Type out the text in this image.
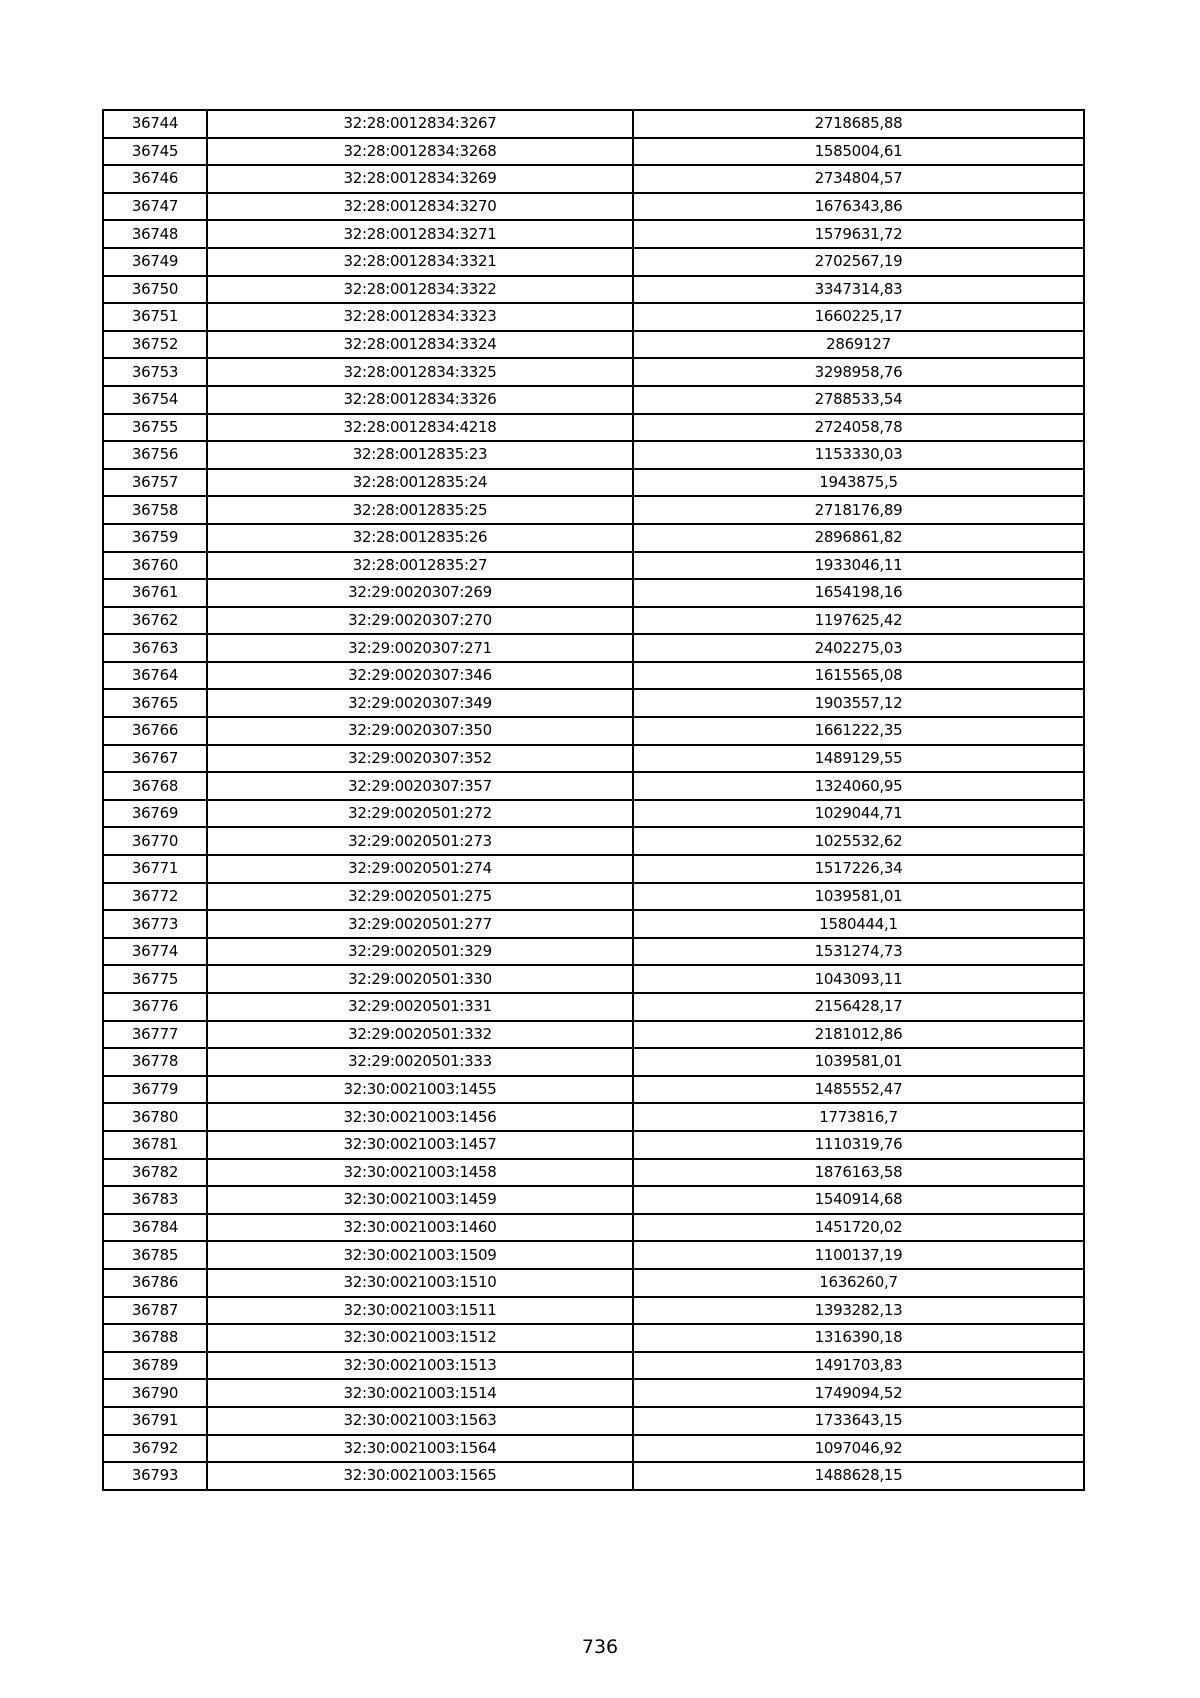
36744	32:28:0012834:3267	2718685,88
36745	32:28:0012834:3268	1585004,61
36746	32:28:0012834:3269	2734804,57
36747	32:28:0012834:3270	1676343,86
36748	32:28:0012834:3271	1579631,72
36749	32:28:0012834:3321	2702567,19
36750	32:28:0012834:3322	3347314,83
36751	32:28:0012834:3323	1660225,17
36752	32:28:0012834:3324	2869127
36753	32:28:0012834:3325	3298958,76
36754	32:28:0012834:3326	2788533,54
36755	32:28:0012834:4218	2724058,78
36756	32:28:0012835:23	1153330,03
36757	32:28:0012835:24	1943875,5
36758	32:28:0012835:25	2718176,89
36759	32:28:0012835:26	2896861,82
36760	32:28:0012835:27	1933046,11
36761	32:29:0020307:269	1654198,16
36762	32:29:0020307:270	1197625,42
36763	32:29:0020307:271	2402275,03
36764	32:29:0020307:346	1615565,08
36765	32:29:0020307:349	1903557,12
36766	32:29:0020307:350	1661222,35
36767	32:29:0020307:352	1489129,55
36768	32:29:0020307:357	1324060,95
36769	32:29:0020501:272	1029044,71
36770	32:29:0020501:273	1025532,62
36771	32:29:0020501:274	1517226,34
36772	32:29:0020501:275	1039581,01
36773	32:29:0020501:277	1580444,1
36774	32:29:0020501:329	1531274,73
36775	32:29:0020501:330	1043093,11
36776	32:29:0020501:331	2156428,17
36777	32:29:0020501:332	2181012,86
36778	32:29:0020501:333	1039581,01
36779	32:30:0021003:1455	1485552,47
36780	32:30:0021003:1456	1773816,7
36781	32:30:0021003:1457	1110319,76
36782	32:30:0021003:1458	1876163,58
36783	32:30:0021003:1459	1540914,68
36784	32:30:0021003:1460	1451720,02
36785	32:30:0021003:1509	1100137,19
36786	32:30:0021003:1510	1636260,7
36787	32:30:0021003:1511	1393282,13
36788	32:30:0021003:1512	1316390,18
36789	32:30:0021003:1513	1491703,83
36790	32:30:0021003:1514	1749094,52
36791	32:30:0021003:1563	1733643,15
36792	32:30:0021003:1564	1097046,92
36793	32:30:0021003:1565	1488628,15
736
